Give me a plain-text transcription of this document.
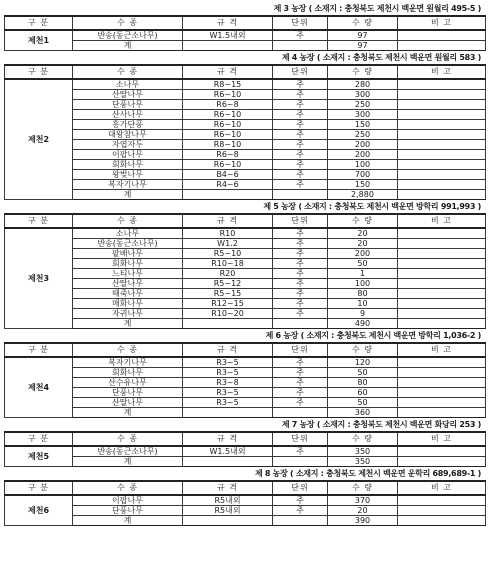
제 3 농장 ( 소재지 : 충청북도 제천시 백운면 원월리 495-5 )
구 분	수 종	규 격	단위	수 량	비 고
제천1	반송(동근소나무)	W1.5내외	주	97	
	계			97	
제 4 농장 ( 소재지 : 충청북도 제천시 백운면 원월리 583 )
구 분	수 종	규 격	단위	수 량	비 고
제천2	소나무	R8~15	주	280	
	산딸나무	R6~10	주	300	
	단풍나무	R6~8	주	250	
	산사나무	R6~10	주	300	
	홍가단풍	R6~10	주	150	
	대왕참나무	R6~10	주	250	
	자엽자두	R8~10	주	200	
	이팝나무	R6~8	주	200	
	회화나무	R6~10	주	100	
	왕벚나무	B4~6	주	700	
	복자기나무	R4~6	주	150	
	계			2,880	
제 5 농장 ( 소재지 : 충청북도 제천시 백운면 방학리 991,993 )
구 분	수 종	규 격	단위	수 량	비 고
제천3	소나무	R10	주	20	
	반송(동근소나무)	W1.2	주	20	
	팥배나무	R5~10	주	200	
	회화나무	R10~18	주	50	
	느티나무	R20	주	1	
	산딸나무	R5~12	주	100	
	때죽나무	R5~15	주	80	
	매화나무	R12~15	주	10	
	자귀나무	R10~20	주	9	
	계			490	
제 6 농장 ( 소재지 : 충청북도 제천시 백운면 방학리 1,036-2 )
구 분	수 종	규 격	단위	수 량	비 고
제천4	복자기나무	R3~5	주	120	
	회화나무	R3~5	주	50	
	산수유나무	R3~8	주	80	
	단풍나무	R3~5	주	60	
	산딸나무	R3~5	주	50	
	계			360	
제 7 농장 ( 소재지 : 충청북도 제천시 백운면 화당리 253 )
구 분	수 종	규 격	단위	수 량	비 고
제천5	반송(동근소나무)	W1.5내외	주	350	
	계			350	
제 8 농장 ( 소재지 : 충청북도 제천시 백운면 운학리 689,689-1 )
구 분	수 종	규 격	단위	수 량	비 고
제천6	이팝나무	R5내외	주	370	
	단풍나무	R5내외	주	20	
	계			390	
